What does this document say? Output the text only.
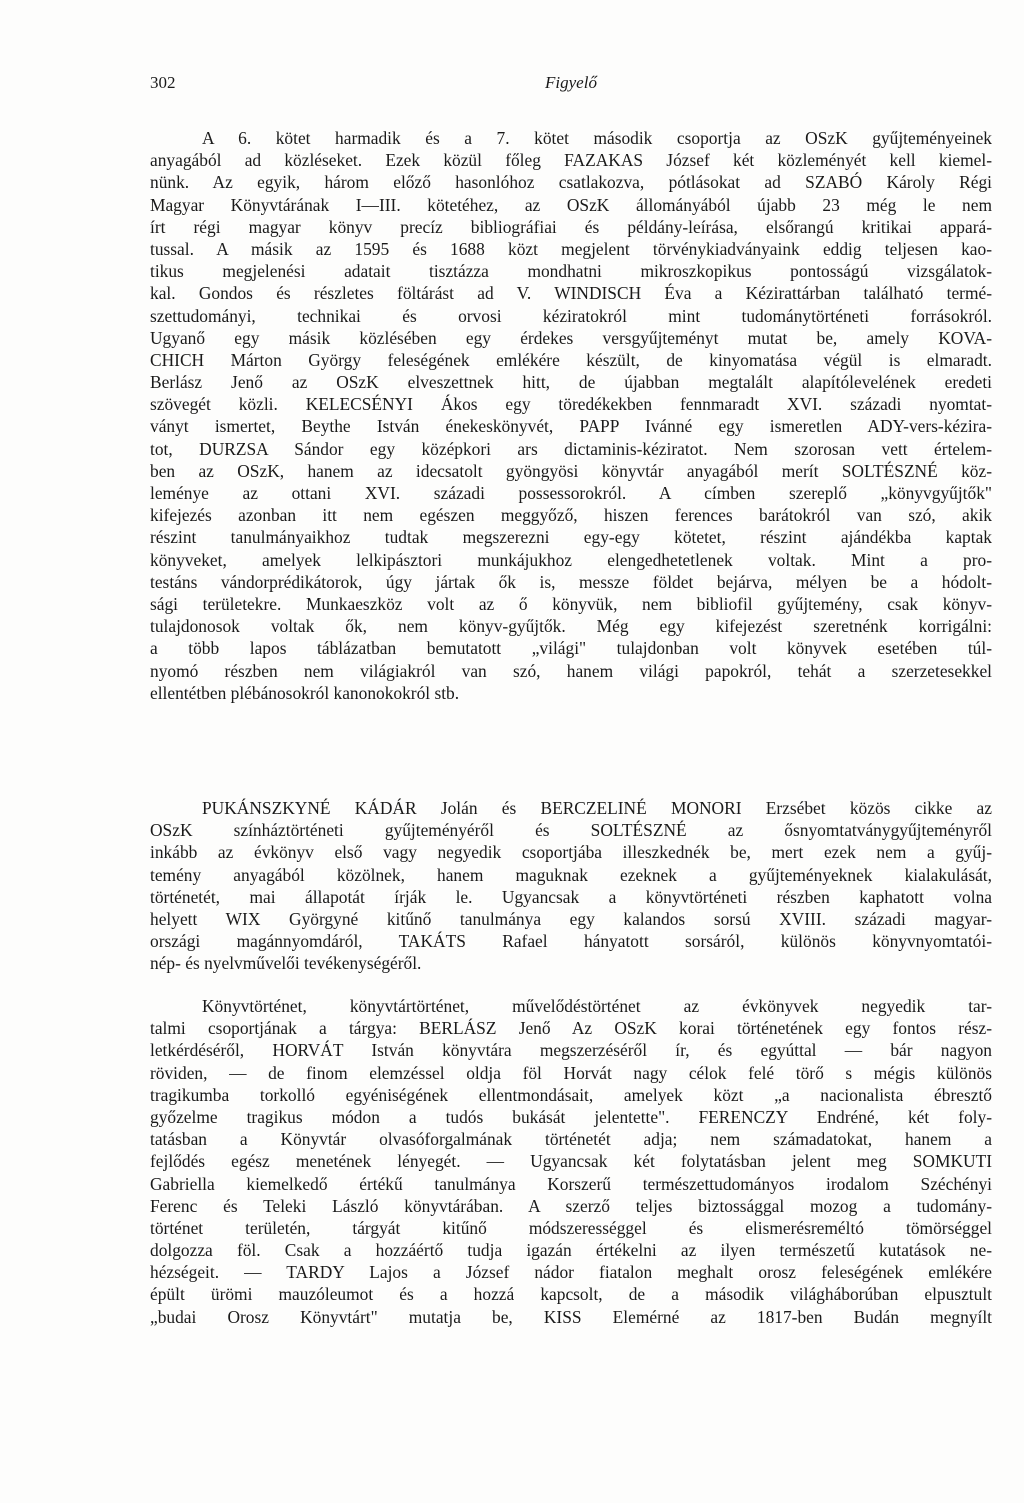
302	Figyelő
A 6. kötet harmadik és a 7. kötet második csoportja az OSzK gyűjteményeinek
anyagából ad közléseket. Ezek közül főleg FAZAKAS József két közleményét kell kiemel-
nünk. Az egyik, három előző hasonlóhoz csatlakozva, pótlásokat ad SZABÓ Károly Régi
Magyar Könyvtárának I—III. kötetéhez, az OSzK állományából újabb 23 még le nem
írt régi magyar könyv precíz bibliográfiai és példány-leírása, elsőrangú kritikai appará-
tussal. A másik az 1595 és 1688 közt megjelent törvénykiadványaink eddig teljesen kao-
tikus megjelenési adatait tisztázza mondhatni mikroszkopikus pontosságú vizsgálatok-
kal. Gondos és részletes föltárást ad V. WINDISCH Éva a Kézirattárban található termé-
szettudományi, technikai és orvosi kéziratokról mint tudománytörténeti forrásokról.
Ugyanő egy másik közlésében egy érdekes versgyűjteményt mutat be, amely KOVA-
CHICH Márton György feleségének emlékére készült, de kinyomatása végül is elmaradt.
Berlász Jenő az OSzK elveszettnek hitt, de újabban megtalált alapítólevelének eredeti
szövegét közli. KELECSÉNYI Ákos egy töredékekben fennmaradt XVI. századi nyomtat-
ványt ismertet, Beythe István énekeskönyvét, PAPP Ivánné egy ismeretlen ADY-vers-kézira-
tot, DURZSA Sándor egy középkori ars dictaminis-kéziratot. Nem szorosan vett értelem-
ben az OSzK, hanem az idecsatolt gyöngyösi könyvtár anyagából merít SOLTÉSZNÉ köz-
leménye az ottani XVI. századi possessorokról. A címben szereplő „könyvgyűjtők"
kifejezés azonban itt nem egészen meggyőző, hiszen ferences barátokról van szó, akik
részint tanulmányaikhoz tudtak megszerezni egy-egy kötetet, részint ajándékba kaptak
könyveket, amelyek lelkipásztori munkájukhoz elengedhetetlenek voltak. Mint a pro-
testáns vándorprédikátorok, úgy jártak ők is, messze földet bejárva, mélyen be a hódolt-
sági területekre. Munkaeszköz volt az ő könyvük, nem bibliofil gyűjtemény, csak könyv-
tulajdonosok voltak ők, nem könyv-gyűjtők. Még egy kifejezést szeretnénk korrigálni:
a több lapos táblázatban bemutatott „világi" tulajdonban volt könyvek esetében túl-
nyomó részben nem világiakról van szó, hanem világi papokról, tehát a szerzetesekkel
ellentétben plébánosokról kanonokokról stb.
PUKÁNSZKYNÉ KÁDÁR Jolán és BERCZELINÉ MONORI Erzsébet közös cikke az
OSzK színháztörténeti gyűjteményéről és SOLTÉSZNÉ az ősnyomtatványgyűjteményről
inkább az évkönyv első vagy negyedik csoportjába illeszkednék be, mert ezek nem a gyűj-
temény anyagából közölnek, hanem maguknak ezeknek a gyűjteményeknek kialakulását,
történetét, mai állapotát írják le. Ugyancsak a könyvtörténeti részben kaphatott volna
helyett WIX Györgyné kitűnő tanulmánya egy kalandos sorsú XVIII. századi magyar-
országi magánnyomdáról, TAKÁTS Rafael hányatott sorsáról, különös könyvnyomtatói-
nép- és nyelvművelői tevékenységéről.
Könyvtörténet, könyvtártörténet, művelődéstörténet az évkönyvek negyedik tar-
talmi csoportjának a tárgya: BERLÁSZ Jenő Az OSzK korai történetének egy fontos rész-
letkérdéséről, HORVÁT István könyvtára megszerzéséről ír, és egyúttal — bár nagyon
röviden, — de finom elemzéssel oldja föl Horvát nagy célok felé törő s mégis különös
tragikumba torkolló egyéniségének ellentmondásait, amelyek közt „a nacionalista ébresztő
győzelme tragikus módon a tudós bukását jelentette". FERENCZY Endréné, két foly-
tatásban a Könyvtár olvasóforgalmának történetét adja; nem számadatokat, hanem a
fejlődés egész menetének lényegét. — Ugyancsak két folytatásban jelent meg SOMKUTI
Gabriella kiemelkedő értékű tanulmánya Korszerű természettudományos irodalom Széchényi
Ferenc és Teleki László könyvtárában. A szerző teljes biztossággal mozog a tudomány-
történet területén, tárgyát kitűnő módszerességgel és elismerésreméltó tömörséggel
dolgozza föl. Csak a hozzáértő tudja igazán értékelni az ilyen természetű kutatások ne-
hézségeit. — TARDY Lajos a József nádor fiatalon meghalt orosz feleségének emlékére
épült ürömi mauzóleumot és a hozzá kapcsolt, de a második világháborúban elpusztult
„budai Orosz Könyvtárt" mutatja be, KISS Elemérné az 1817-ben Budán megnyílt
